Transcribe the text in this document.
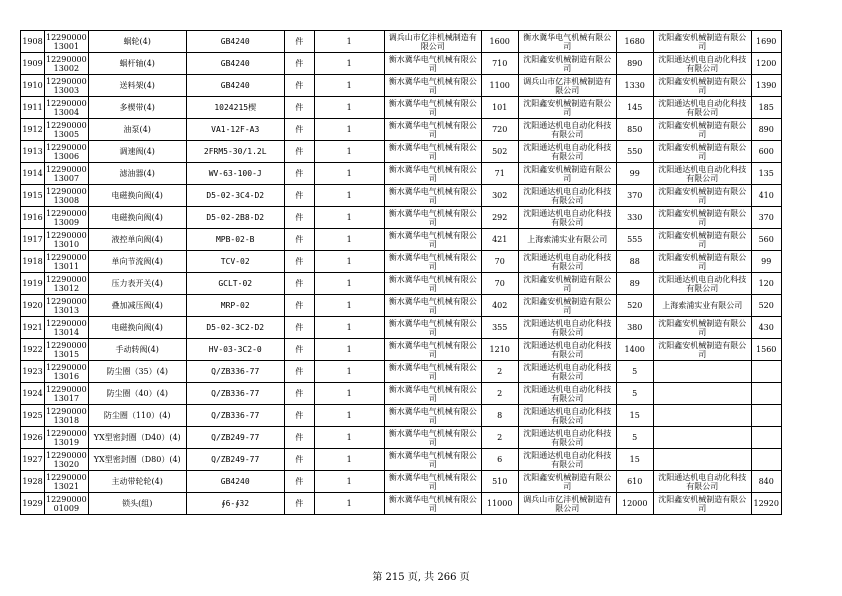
1908	12290000 13001	蜗轮(4)	GB4240	件	1	调兵山市亿沣机械制造有限公司	1600	衡水冀华电气机械有限公司	1680	沈阳鑫安机械制造有限公司	1690
1909	12290000 13002	蜗杆轴(4)	GB4240	件	1	衡水冀华电气机械有限公司	710	沈阳鑫安机械制造有限公司	890	沈阳通达机电自动化科技有限公司	1200
1910	12290000 13003	送料架(4)	GB4240	件	1	衡水冀华电气机械有限公司	1100	调兵山市亿沣机械制造有限公司	1330	沈阳鑫安机械制造有限公司	1390
1911	12290000 13004	多楔带(4)	1024215楔	件	1	衡水冀华电气机械有限公司	101	沈阳鑫安机械制造有限公司	145	沈阳通达机电自动化科技有限公司	185
1912	12290000 13005	油泵(4)	VA1-12F-A3	件	1	衡水冀华电气机械有限公司	720	沈阳通达机电自动化科技有限公司	850	沈阳鑫安机械制造有限公司	890
1913	12290000 13006	调速阀(4)	2FRM5-30/1.2L	件	1	衡水冀华电气机械有限公司	502	沈阳通达机电自动化科技有限公司	550	沈阳鑫安机械制造有限公司	600
1914	12290000 13007	滤油器(4)	WV-63-100-J	件	1	衡水冀华电气机械有限公司	71	沈阳鑫安机械制造有限公司	99	沈阳通达机电自动化科技有限公司	135
1915	12290000 13008	电磁换向阀(4)	D5-02-3C4-D2	件	1	衡水冀华电气机械有限公司	302	沈阳通达机电自动化科技有限公司	370	沈阳鑫安机械制造有限公司	410
1916	12290000 13009	电磁换向阀(4)	D5-02-2B8-D2	件	1	衡水冀华电气机械有限公司	292	沈阳通达机电自动化科技有限公司	330	沈阳鑫安机械制造有限公司	370
1917	12290000 13010	液控单向阀(4)	MPB-02-B	件	1	衡水冀华电气机械有限公司	421	上海索浦实业有限公司	555	沈阳鑫安机械制造有限公司	560
1918	12290000 13011	单向节流阀(4)	TCV-02	件	1	衡水冀华电气机械有限公司	70	沈阳通达机电自动化科技有限公司	88	沈阳鑫安机械制造有限公司	99
1919	12290000 13012	压力表开关(4)	GCLT-02	件	1	衡水冀华电气机械有限公司	70	沈阳鑫安机械制造有限公司	89	沈阳通达机电自动化科技有限公司	120
1920	12290000 13013	叠加减压阀(4)	MRP-02	件	1	衡水冀华电气机械有限公司	402	沈阳鑫安机械制造有限公司	520	上海索浦实业有限公司	520
1921	12290000 13014	电磁换向阀(4)	D5-02-3C2-D2	件	1	衡水冀华电气机械有限公司	355	沈阳通达机电自动化科技有限公司	380	沈阳鑫安机械制造有限公司	430
1922	12290000 13015	手动转阀(4)	HV-03-3C2-0	件	1	衡水冀华电气机械有限公司	1210	沈阳通达机电自动化科技有限公司	1400	沈阳鑫安机械制造有限公司	1560
1923	12290000 13016	防尘圈（35）(4)	Q/ZB336-77	件	1	衡水冀华电气机械有限公司	2	沈阳通达机电自动化科技有限公司	5		
1924	12290000 13017	防尘圈（40）(4)	Q/ZB336-77	件	1	衡水冀华电气机械有限公司	2	沈阳通达机电自动化科技有限公司	5		
1925	12290000 13018	防尘圈（110）(4)	Q/ZB336-77	件	1	衡水冀华电气机械有限公司	8	沈阳通达机电自动化科技有限公司	15		
1926	12290000 13019	YX型密封圈（D40）(4)	Q/ZB249-77	件	1	衡水冀华电气机械有限公司	2	沈阳通达机电自动化科技有限公司	5		
1927	12290000 13020	YX型密封圈（D80）(4)	Q/ZB249-77	件	1	衡水冀华电气机械有限公司	6	沈阳通达机电自动化科技有限公司	15		
1928	12290000 13021	主动带轮轮(4)	GB4240	件	1	衡水冀华电气机械有限公司	510	沈阳鑫安机械制造有限公司	610	沈阳通达机电自动化科技有限公司	840
1929	12290000 01009	锁头(组)	∮6-∮32	件	1	衡水冀华电气机械有限公司	11000	调兵山市亿沣机械制造有限公司	12000	沈阳鑫安机械制造有限公司	12920
第 215 页, 共 266 页
